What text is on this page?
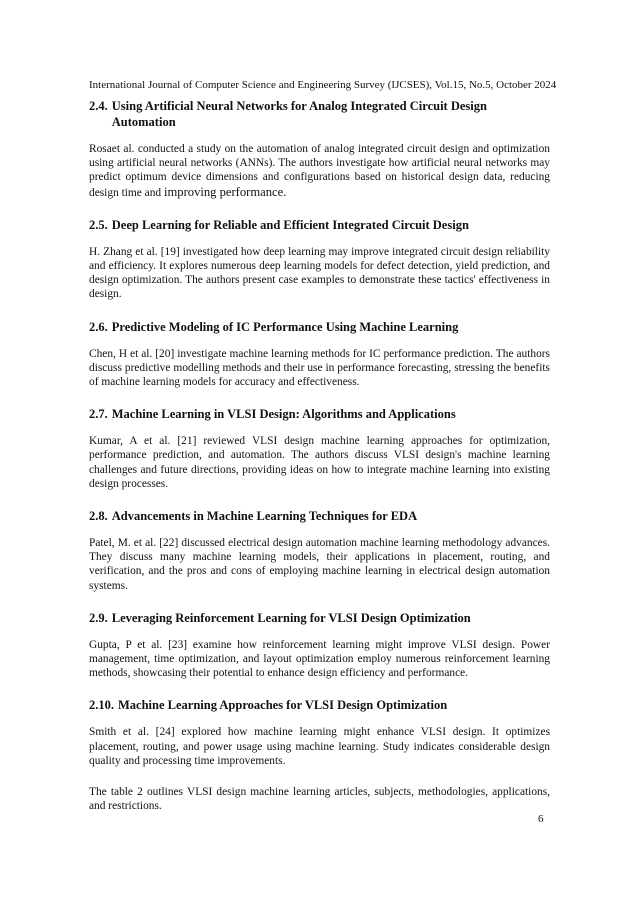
International Journal of Computer Science and Engineering Survey (IJCSES), Vol.15, No.5, October 2024
2.4. Using Artificial Neural Networks for Analog Integrated Circuit Design Automation

Rosaet al. conducted a study on the automation of analog integrated circuit design and optimization using artificial neural networks (ANNs). The authors investigate how artificial neural networks may predict optimum device dimensions and configurations based on historical design data, reducing design time and improving performance.

2.5. Deep Learning for Reliable and Efficient Integrated Circuit Design

H. Zhang et al. [19] investigated how deep learning may improve integrated circuit design reliability and efficiency. It explores numerous deep learning models for defect detection, yield prediction, and design optimization. The authors present case examples to demonstrate these tactics' effectiveness in design.

2.6. Predictive Modeling of IC Performance Using Machine Learning

Chen, H et al. [20] investigate machine learning methods for IC performance prediction. The authors discuss predictive modelling methods and their use in performance forecasting, stressing the benefits of machine learning models for accuracy and effectiveness.

2.7. Machine Learning in VLSI Design: Algorithms and Applications

Kumar, A et al. [21] reviewed VLSI design machine learning approaches for optimization, performance prediction, and automation. The authors discuss VLSI design's machine learning challenges and future directions, providing ideas on how to integrate machine learning into existing design processes.

2.8. Advancements in Machine Learning Techniques for EDA

Patel, M. et al. [22] discussed electrical design automation machine learning methodology advances. They discuss many machine learning models, their applications in placement, routing, and verification, and the pros and cons of employing machine learning in electrical design automation systems.

2.9. Leveraging Reinforcement Learning for VLSI Design Optimization

Gupta, P et al. [23] examine how reinforcement learning might improve VLSI design. Power management, time optimization, and layout optimization employ numerous reinforcement learning methods, showcasing their potential to enhance design efficiency and performance.

2.10. Machine Learning Approaches for VLSI Design Optimization

Smith et al. [24] explored how machine learning might enhance VLSI design. It optimizes placement, routing, and power usage using machine learning. Study indicates considerable design quality and processing time improvements.

The table 2 outlines VLSI design machine learning articles, subjects, methodologies, applications, and restrictions.

6
